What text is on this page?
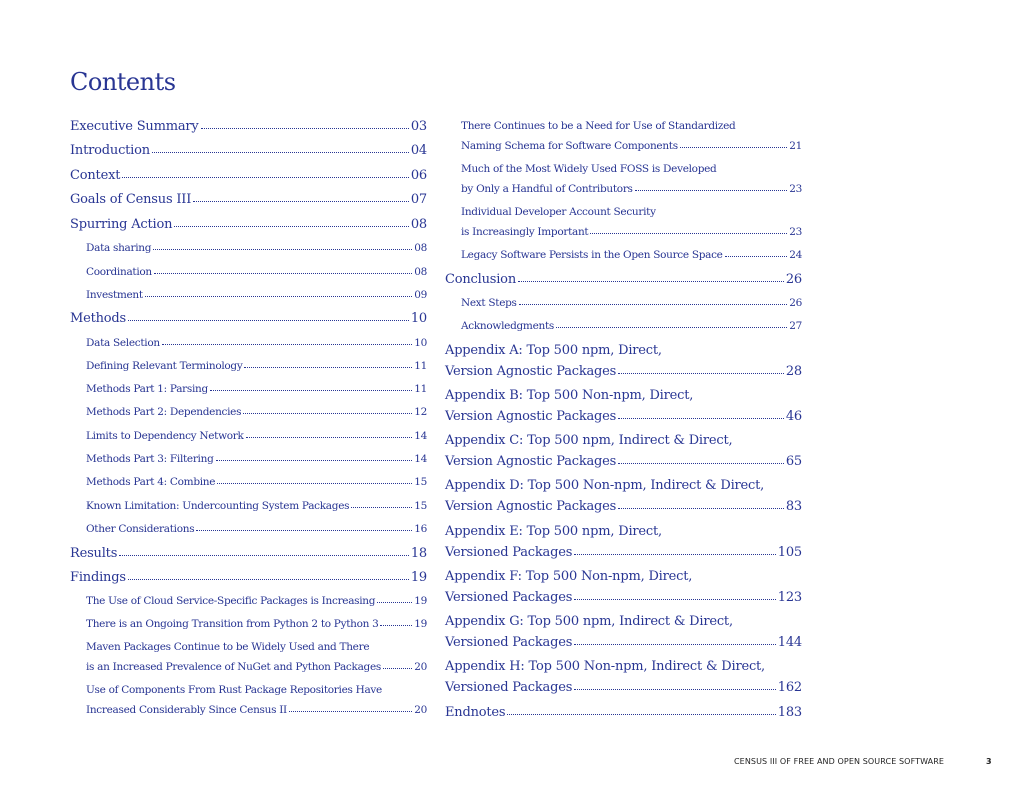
Contents
Executive Summary	03
Introduction	04
Context	06
Goals of Census III	07
Spurring Action	08
Data sharing	08
Coordination	08
Investment	09
Methods	10
Data Selection	10
Defining Relevant Terminology	11
Methods Part 1: Parsing	11
Methods Part 2: Dependencies	12
Limits to Dependency Network	14
Methods Part 3: Filtering	14
Methods Part 4: Combine	15
Known Limitation: Undercounting System Packages	15
Other Considerations	16
Results	18
Findings	19
The Use of Cloud Service-Specific Packages is Increasing	19
There is an Ongoing Transition from Python 2 to Python 3	19
Maven Packages Continue to be Widely Used and There
is an Increased Prevalence of NuGet and Python Packages	20
Use of Components From Rust Package Repositories Have
Increased Considerably Since Census II	20
There Continues to be a Need for Use of Standardized
Naming Schema for Software Components	21
Much of the Most Widely Used FOSS is Developed
by Only a Handful of Contributors	23
Individual Developer Account Security
is Increasingly Important	23
Legacy Software Persists in the Open Source Space	24
Conclusion	26
Next Steps	26
Acknowledgments	27
Appendix A: Top 500 npm, Direct,
Version Agnostic Packages	28
Appendix B: Top 500 Non-npm, Direct,
Version Agnostic Packages	46
Appendix C: Top 500 npm, Indirect & Direct,
Version Agnostic Packages	65
Appendix D: Top 500 Non-npm, Indirect & Direct,
Version Agnostic Packages	83
Appendix E: Top 500 npm, Direct,
Versioned Packages	105
Appendix F: Top 500 Non-npm, Direct,
Versioned Packages	123
Appendix G: Top 500 npm, Indirect & Direct,
Versioned Packages	144
Appendix H: Top 500 Non-npm, Indirect & Direct,
Versioned Packages	162
Endnotes	183
CENSUS III OF FREE AND OPEN SOURCE SOFTWARE	3
